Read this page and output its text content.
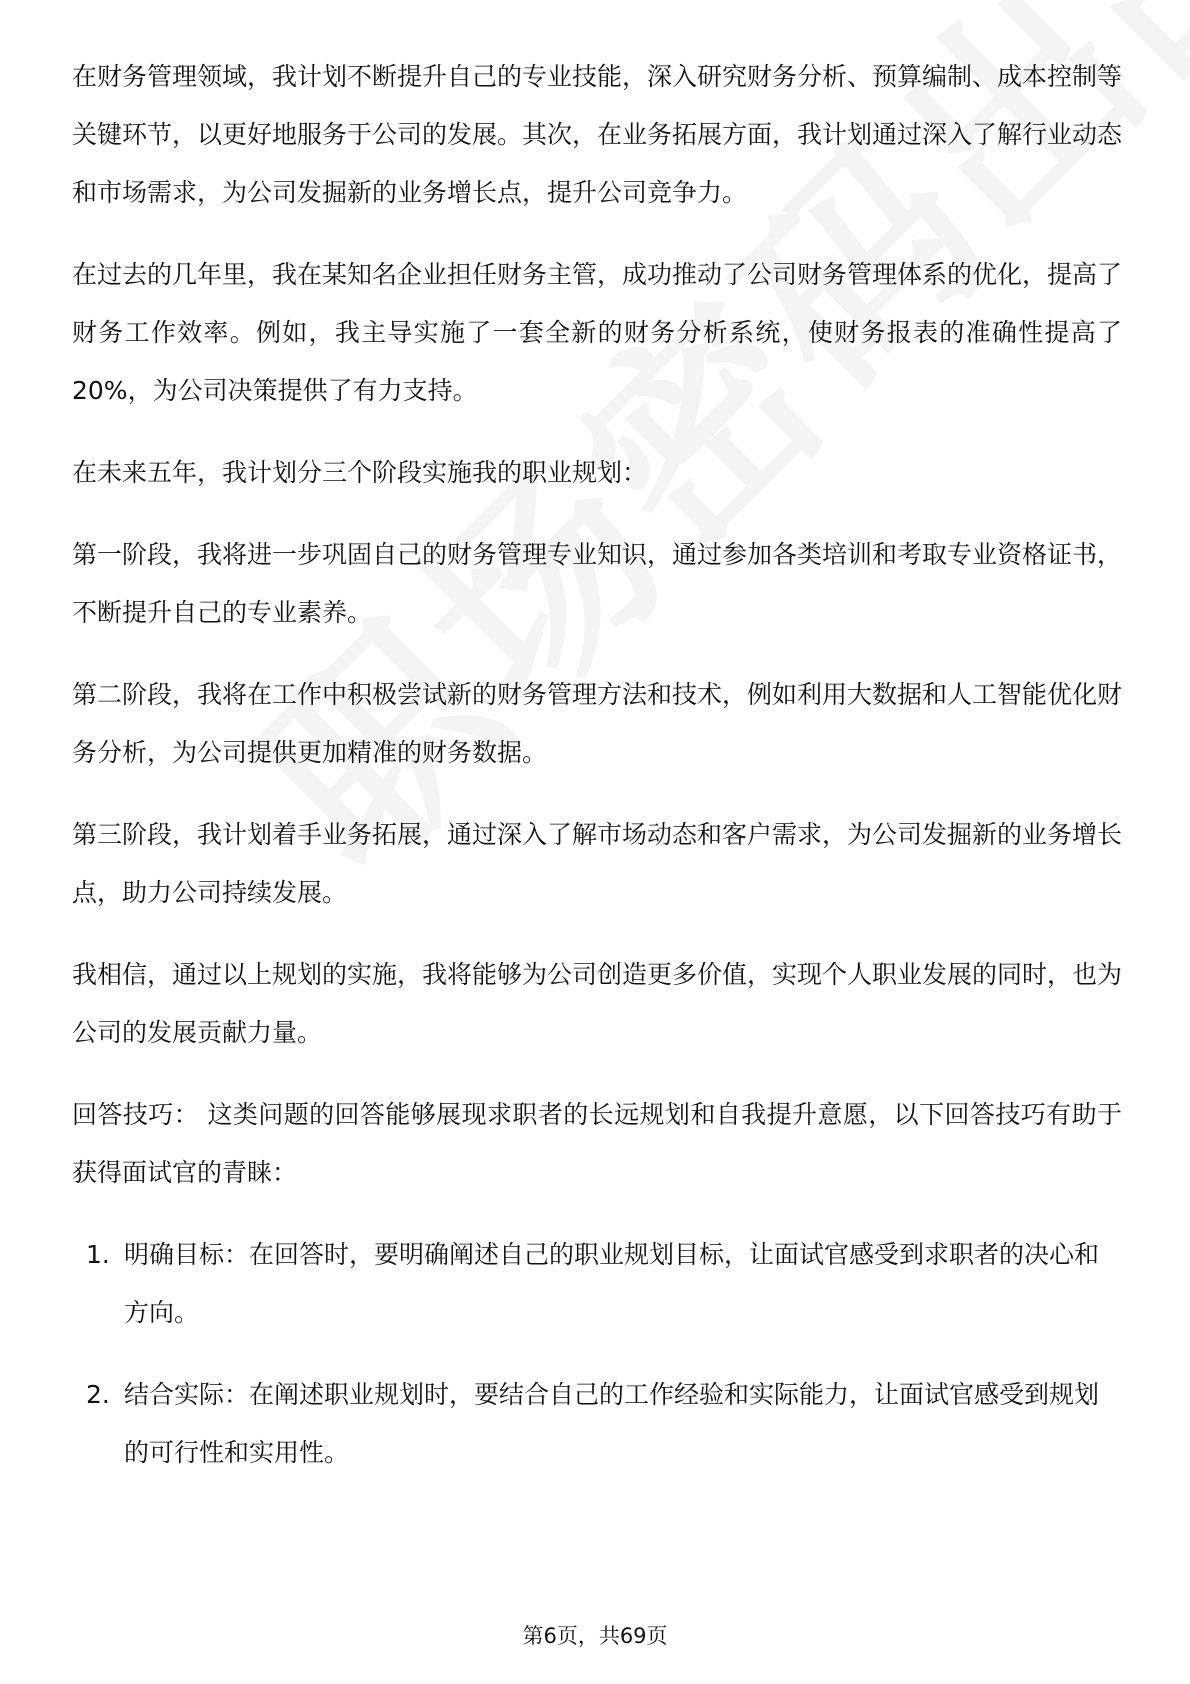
在财务管理领域，我计划不断提升自己的专业技能，深入研究财务分析、预算编制、成本控制等关键环节，以更好地服务于公司的发展。其次，在业务拓展方面，我计划通过深入了解行业动态和市场需求，为公司发掘新的业务增长点，提升公司竞争力。

在过去的几年里，我在某知名企业担任财务主管，成功推动了公司财务管理体系的优化，提高了财务工作效率。例如，我主导实施了一套全新的财务分析系统，使财务报表的准确性提高了20%，为公司决策提供了有力支持。

在未来五年，我计划分三个阶段实施我的职业规划：

第一阶段，我将进一步巩固自己的财务管理专业知识，通过参加各类培训和考取专业资格证书，不断提升自己的专业素养。

第二阶段，我将在工作中积极尝试新的财务管理方法和技术，例如利用大数据和人工智能优化财务分析，为公司提供更加精准的财务数据。

第三阶段，我计划着手业务拓展，通过深入了解市场动态和客户需求，为公司发掘新的业务增长点，助力公司持续发展。

我相信，通过以上规划的实施，我将能够为公司创造更多价值，实现个人职业发展的同时，也为公司的发展贡献力量。

回答技巧： 这类问题的回答能够展现求职者的长远规划和自我提升意愿，以下回答技巧有助于获得面试官的青睐：

1. 明确目标：在回答时，要明确阐述自己的职业规划目标，让面试官感受到求职者的决心和方向。
2. 结合实际：在阐述职业规划时，要结合自己的工作经验和实际能力，让面试官感受到规划的可行性和实用性。
第6页，共69页
